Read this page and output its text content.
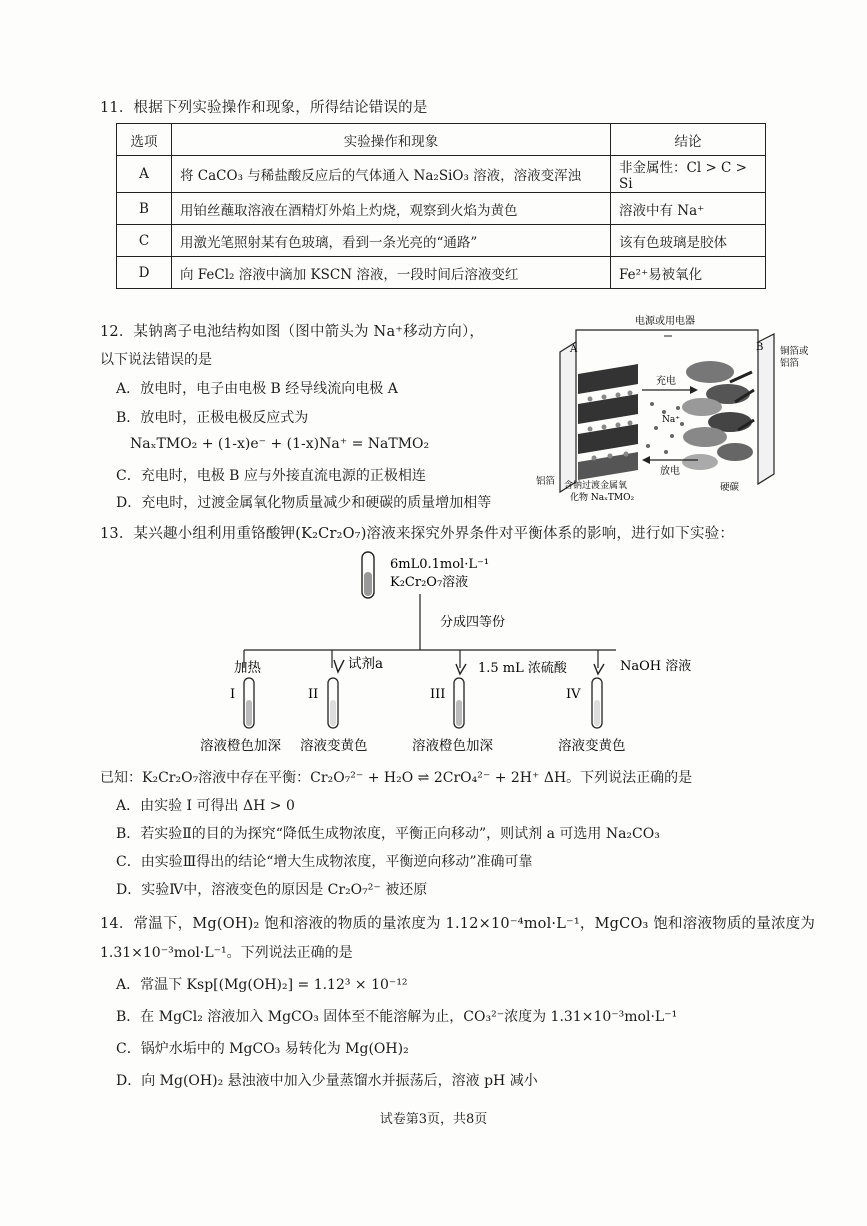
11．根据下列实验操作和现象，所得结论错误的是
选项	实验操作和现象	结论
A	将 CaCO₃ 与稀盐酸反应后的气体通入 Na₂SiO₃ 溶液，溶液变浑浊	非金属性：Cl > C > Si
B	用铂丝蘸取溶液在酒精灯外焰上灼烧，观察到火焰为黄色	溶液中有 Na⁺
C	用激光笔照射某有色玻璃，看到一条光亮的“通路”	该有色玻璃是胶体
D	向 FeCl₂ 溶液中滴加 KSCN 溶液，一段时间后溶液变红	Fe²⁺易被氧化
12．某钠离子电池结构如图（图中箭头为 Na⁺移动方向），
以下说法错误的是
A．放电时，电子由电极 B 经导线流向电极 A
B．放电时，正极电极反应式为
NaₓTMO₂ + (1-x)e⁻ + (1-x)Na⁺ = NaTMO₂
C．充电时，电极 B 应与外接直流电源的正极相连
D．充电时，过渡金属氧化物质量减少和硬碳的质量增加相等
电源或用电器
A	B 铜箔或
铝箔
充电
Na⁺
放电
铝箔 含钠过渡金属氧
化物 NaₓTMO₂
硬碳
13．某兴趣小组利用重铬酸钾(K₂Cr₂O₇)溶液来探究外界条件对平衡体系的影响，进行如下实验：
6mL0.1mol·L⁻¹
K₂Cr₂O₇溶液
分成四等份
加热	试剂a	1.5 mL 浓硫酸	NaOH 溶液
I	II	III	IV
溶液橙色加深 溶液变黄色	溶液橙色加深	溶液变黄色
已知：K₂Cr₂O₇溶液中存在平衡：Cr₂O₇²⁻ + H₂O ⇌ 2CrO₄²⁻ + 2H⁺ ΔH。下列说法正确的是
A．由实验 I 可得出 ΔH > 0
B．若实验Ⅱ的目的为探究“降低生成物浓度，平衡正向移动”，则试剂 a 可选用 Na₂CO₃
C．由实验Ⅲ得出的结论“增大生成物浓度，平衡逆向移动”准确可靠
D．实验Ⅳ中，溶液变色的原因是 Cr₂O₇²⁻ 被还原
14．常温下，Mg(OH)₂ 饱和溶液的物质的量浓度为 1.12×10⁻⁴mol·L⁻¹，MgCO₃ 饱和溶液物质的量浓度为
1.31×10⁻³mol·L⁻¹。下列说法正确的是
A．常温下 Ksp[(Mg(OH)₂] = 1.12³ × 10⁻¹²
B．在 MgCl₂ 溶液加入 MgCO₃ 固体至不能溶解为止，CO₃²⁻浓度为 1.31×10⁻³mol·L⁻¹
C．锅炉水垢中的 MgCO₃ 易转化为 Mg(OH)₂
D．向 Mg(OH)₂ 悬浊液中加入少量蒸馏水并振荡后，溶液 pH 减小
试卷第3页，共8页
